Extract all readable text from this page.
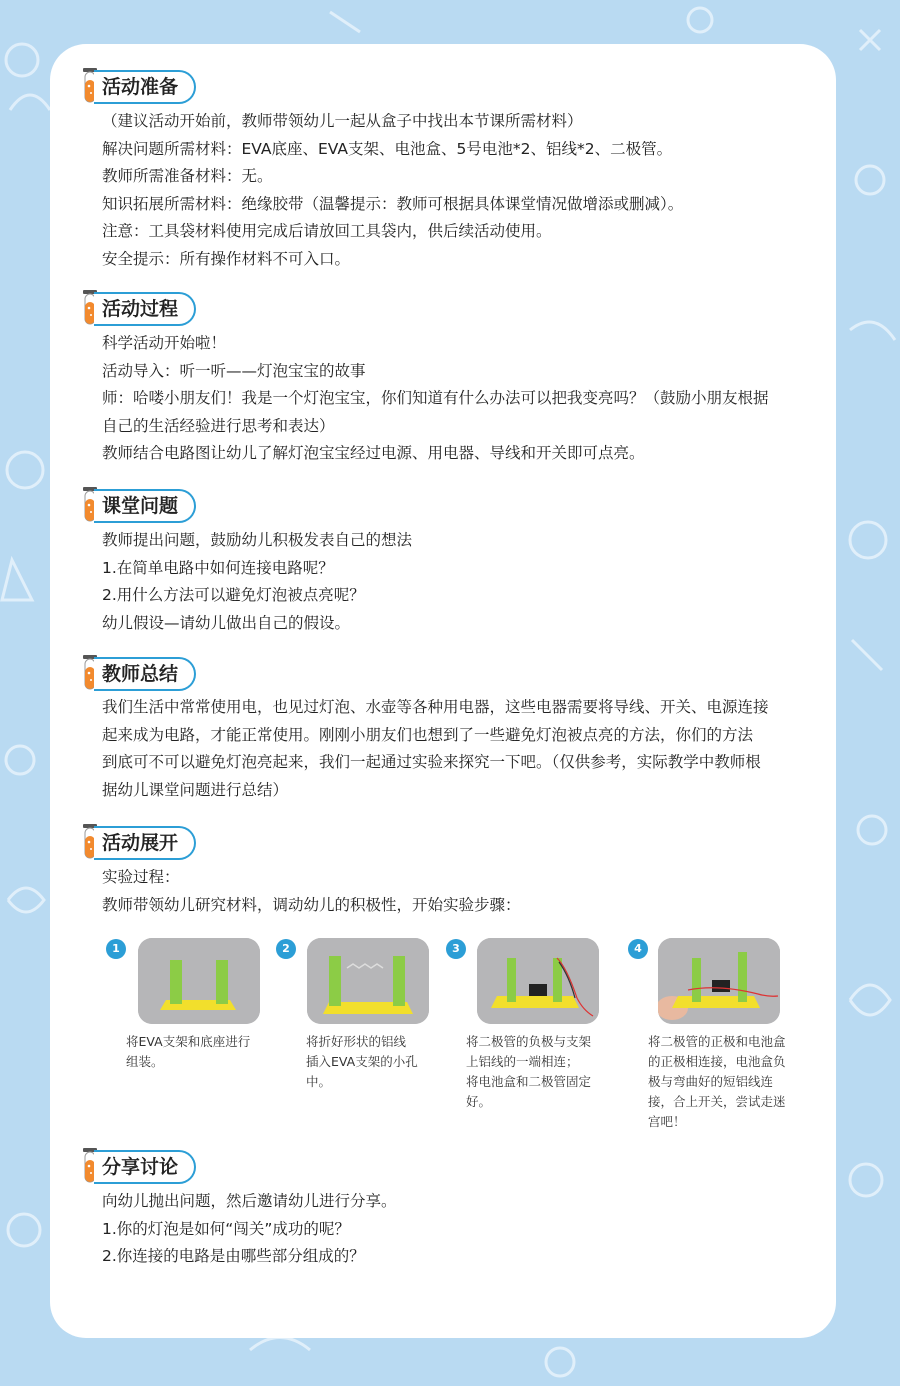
活动准备

（建议活动开始前，教师带领幼儿一起从盒子中找出本节课所需材料）

解决问题所需材料：EVA底座、EVA支架、电池盒、5号电池*2、铝线*2、二极管。

教师所需准备材料：无。

知识拓展所需材料：绝缘胶带（温馨提示：教师可根据具体课堂情况做增添或删减）。

注意：工具袋材料使用完成后请放回工具袋内，供后续活动使用。

安全提示：所有操作材料不可入口。

活动过程

科学活动开始啦！

活动导入：听一听——灯泡宝宝的故事

师：哈喽小朋友们！我是一个灯泡宝宝，你们知道有什么办法可以把我变亮吗？（鼓励小朋友根据

自己的生活经验进行思考和表达）

教师结合电路图让幼儿了解灯泡宝宝经过电源、用电器、导线和开关即可点亮。

课堂问题

教师提出问题，鼓励幼儿积极发表自己的想法

1.在简单电路中如何连接电路呢？

2.用什么方法可以避免灯泡被点亮呢？

幼儿假设—请幼儿做出自己的假设。

教师总结

我们生活中常常使用电，也见过灯泡、水壶等各种用电器，这些电器需要将导线、开关、电源连接

起来成为电路，才能正常使用。刚刚小朋友们也想到了一些避免灯泡被点亮的方法，你们的方法

到底可不可以避免灯泡亮起来，我们一起通过实验来探究一下吧。（仅供参考，实际教学中教师根

据幼儿课堂问题进行总结）

活动展开

实验过程：

教师带领幼儿研究材料，调动幼儿的积极性，开始实验步骤：

1
将EVA支架和底座进行
组装。
2
将折好形状的铝线
插入EVA支架的小孔
中。
3
将二极管的负极与支架
上铝线的一端相连；
将电池盒和二极管固定
好。
4
将二极管的正极和电池盒
的正极相连接，电池盒负
极与弯曲好的短铝线连
接，合上开关，尝试走迷
宫吧！
分享讨论

向幼儿抛出问题，然后邀请幼儿进行分享。

1.你的灯泡是如何“闯关”成功的呢？

2.你连接的电路是由哪些部分组成的？
